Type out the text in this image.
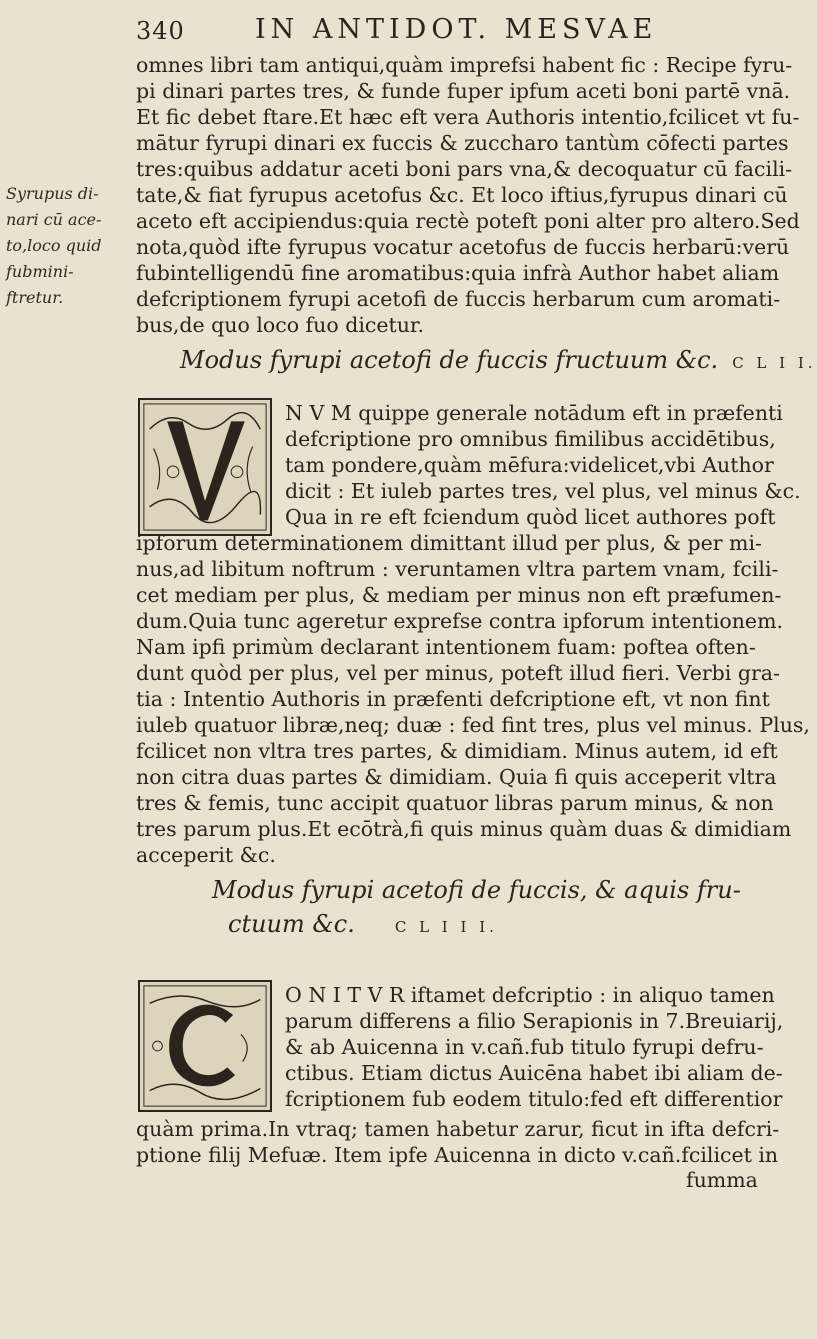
340	IN ANTIDOT. MESVAE
Syrupus di-
nari cū ace-
to,loco quid
fubmini-
ftretur.
omnes libri tam antiqui,quàm imprefsi habent fic : Recipe fyru-
pi dinari partes tres, & funde fuper ipfum aceti boni partē vnā.
Et fic debet ftare.Et hæc eft vera Authoris intentio,fcilicet vt fu-
mātur fyrupi dinari ex fuccis & zuccharo tantùm cōfecti partes
tres:quibus addatur aceti boni pars vna,& decoquatur cū facili-
tate,& fiat fyrupus acetofus &c. Et loco iftius,fyrupus dinari cū
aceto eft accipiendus:quia rectè poteft poni alter pro altero.Sed
nota,quòd ifte fyrupus vocatur acetofus de fuccis herbarū:verū
fubintelligendū fine aromatibus:quia infrà Author habet aliam
defcriptionem fyrupi acetofi de fuccis herbarum cum aromati-
bus,de quo loco fuo dicetur.
Modus fyrupi acetofi de fuccis fructuum &c. C L I I.
N V M quippe generale notādum eft in præfenti
defcriptione pro omnibus fimilibus accidētibus,
tam pondere,quàm mēfura:videlicet,vbi Author
dicit : Et iuleb partes tres, vel plus, vel minus &c.
Qua in re eft fciendum quòd licet authores poft
ipforum determinationem dimittant illud per plus, & per mi-
nus,ad libitum noftrum : veruntamen vltra partem vnam, fcili-
cet mediam per plus, & mediam per minus non eft præfumen-
dum.Quia tunc ageretur exprefse contra ipforum intentionem.
Nam ipfi primùm declarant intentionem fuam: poftea often-
dunt quòd per plus, vel per minus, poteft illud fieri. Verbi gra-
tia : Intentio Authoris in præfenti defcriptione eft, vt non fint
iuleb quatuor libræ,neq; duæ : fed fint tres, plus vel minus. Plus,
fcilicet non vltra tres partes, & dimidiam. Minus autem, id eft
non citra duas partes & dimidiam. Quia fi quis acceperit vltra
tres & femis, tunc accipit quatuor libras parum minus, & non
tres parum plus.Et ecōtrà,fi quis minus quàm duas & dimidiam
acceperit &c.
Modus fyrupi acetofi de fuccis, & aquis fru-
ctuum &c.	C L I I I.
O N I T V R iftamet defcriptio : in aliquo tamen
parum differens a filio Serapionis in 7.Breuiarij,
& ab Auicenna in v.cañ.fub titulo fyrupi defru-
ctibus. Etiam dictus Auicēna habet ibi aliam de-
fcriptionem fub eodem titulo:fed eft differentior
quàm prima.In vtraq; tamen habetur zarur, ficut in ifta defcri-
ptione filij Mefuæ. Item ipfe Auicenna in dicto v.cañ.fcilicet in
fumma
